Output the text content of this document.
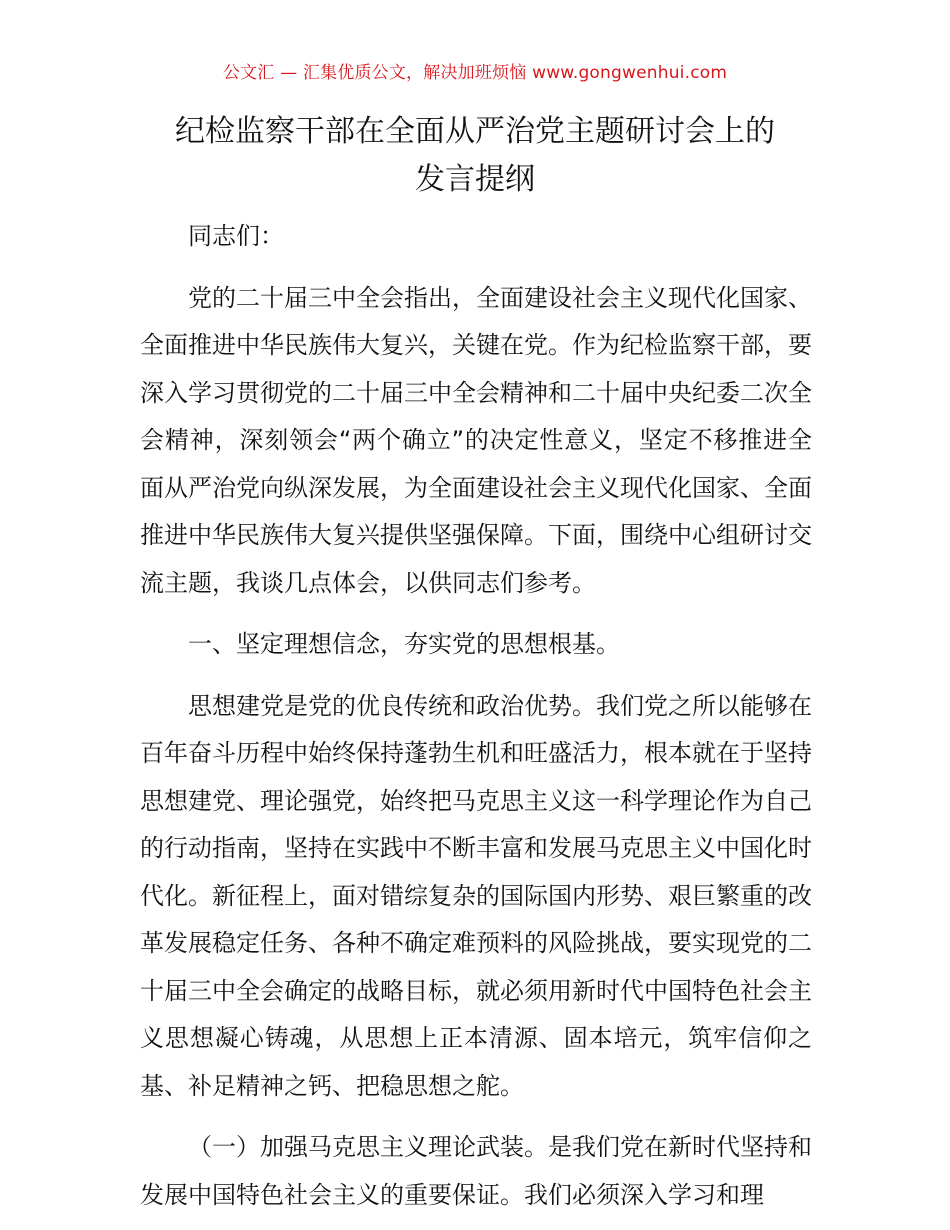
公文汇 — 汇集优质公文，解决加班烦恼 www.gongwenhui.com
纪检监察干部在全面从严治党主题研讨会上的
发言提纲

同志们：

党的二十届三中全会指出，全面建设社会主义现代化国家、全面推进中华民族伟大复兴，关键在党。作为纪检监察干部，要深入学习贯彻党的二十届三中全会精神和二十届中央纪委二次全会精神，深刻领会“两个确立”的决定性意义，坚定不移推进全面从严治党向纵深发展，为全面建设社会主义现代化国家、全面推进中华民族伟大复兴提供坚强保障。下面，围绕中心组研讨交流主题，我谈几点体会，以供同志们参考。

一、坚定理想信念，夯实党的思想根基。

思想建党是党的优良传统和政治优势。我们党之所以能够在百年奋斗历程中始终保持蓬勃生机和旺盛活力，根本就在于坚持思想建党、理论强党，始终把马克思主义这一科学理论作为自己的行动指南，坚持在实践中不断丰富和发展马克思主义中国化时代化。新征程上，面对错综复杂的国际国内形势、艰巨繁重的改革发展稳定任务、各种不确定难预料的风险挑战，要实现党的二十届三中全会确定的战略目标，就必须用新时代中国特色社会主义思想凝心铸魂，从思想上正本清源、固本培元，筑牢信仰之基、补足精神之钙、把稳思想之舵。

（一）加强马克思主义理论武装。是我们党在新时代坚持和发展中国特色社会主义的重要保证。我们必须深入学习和理
